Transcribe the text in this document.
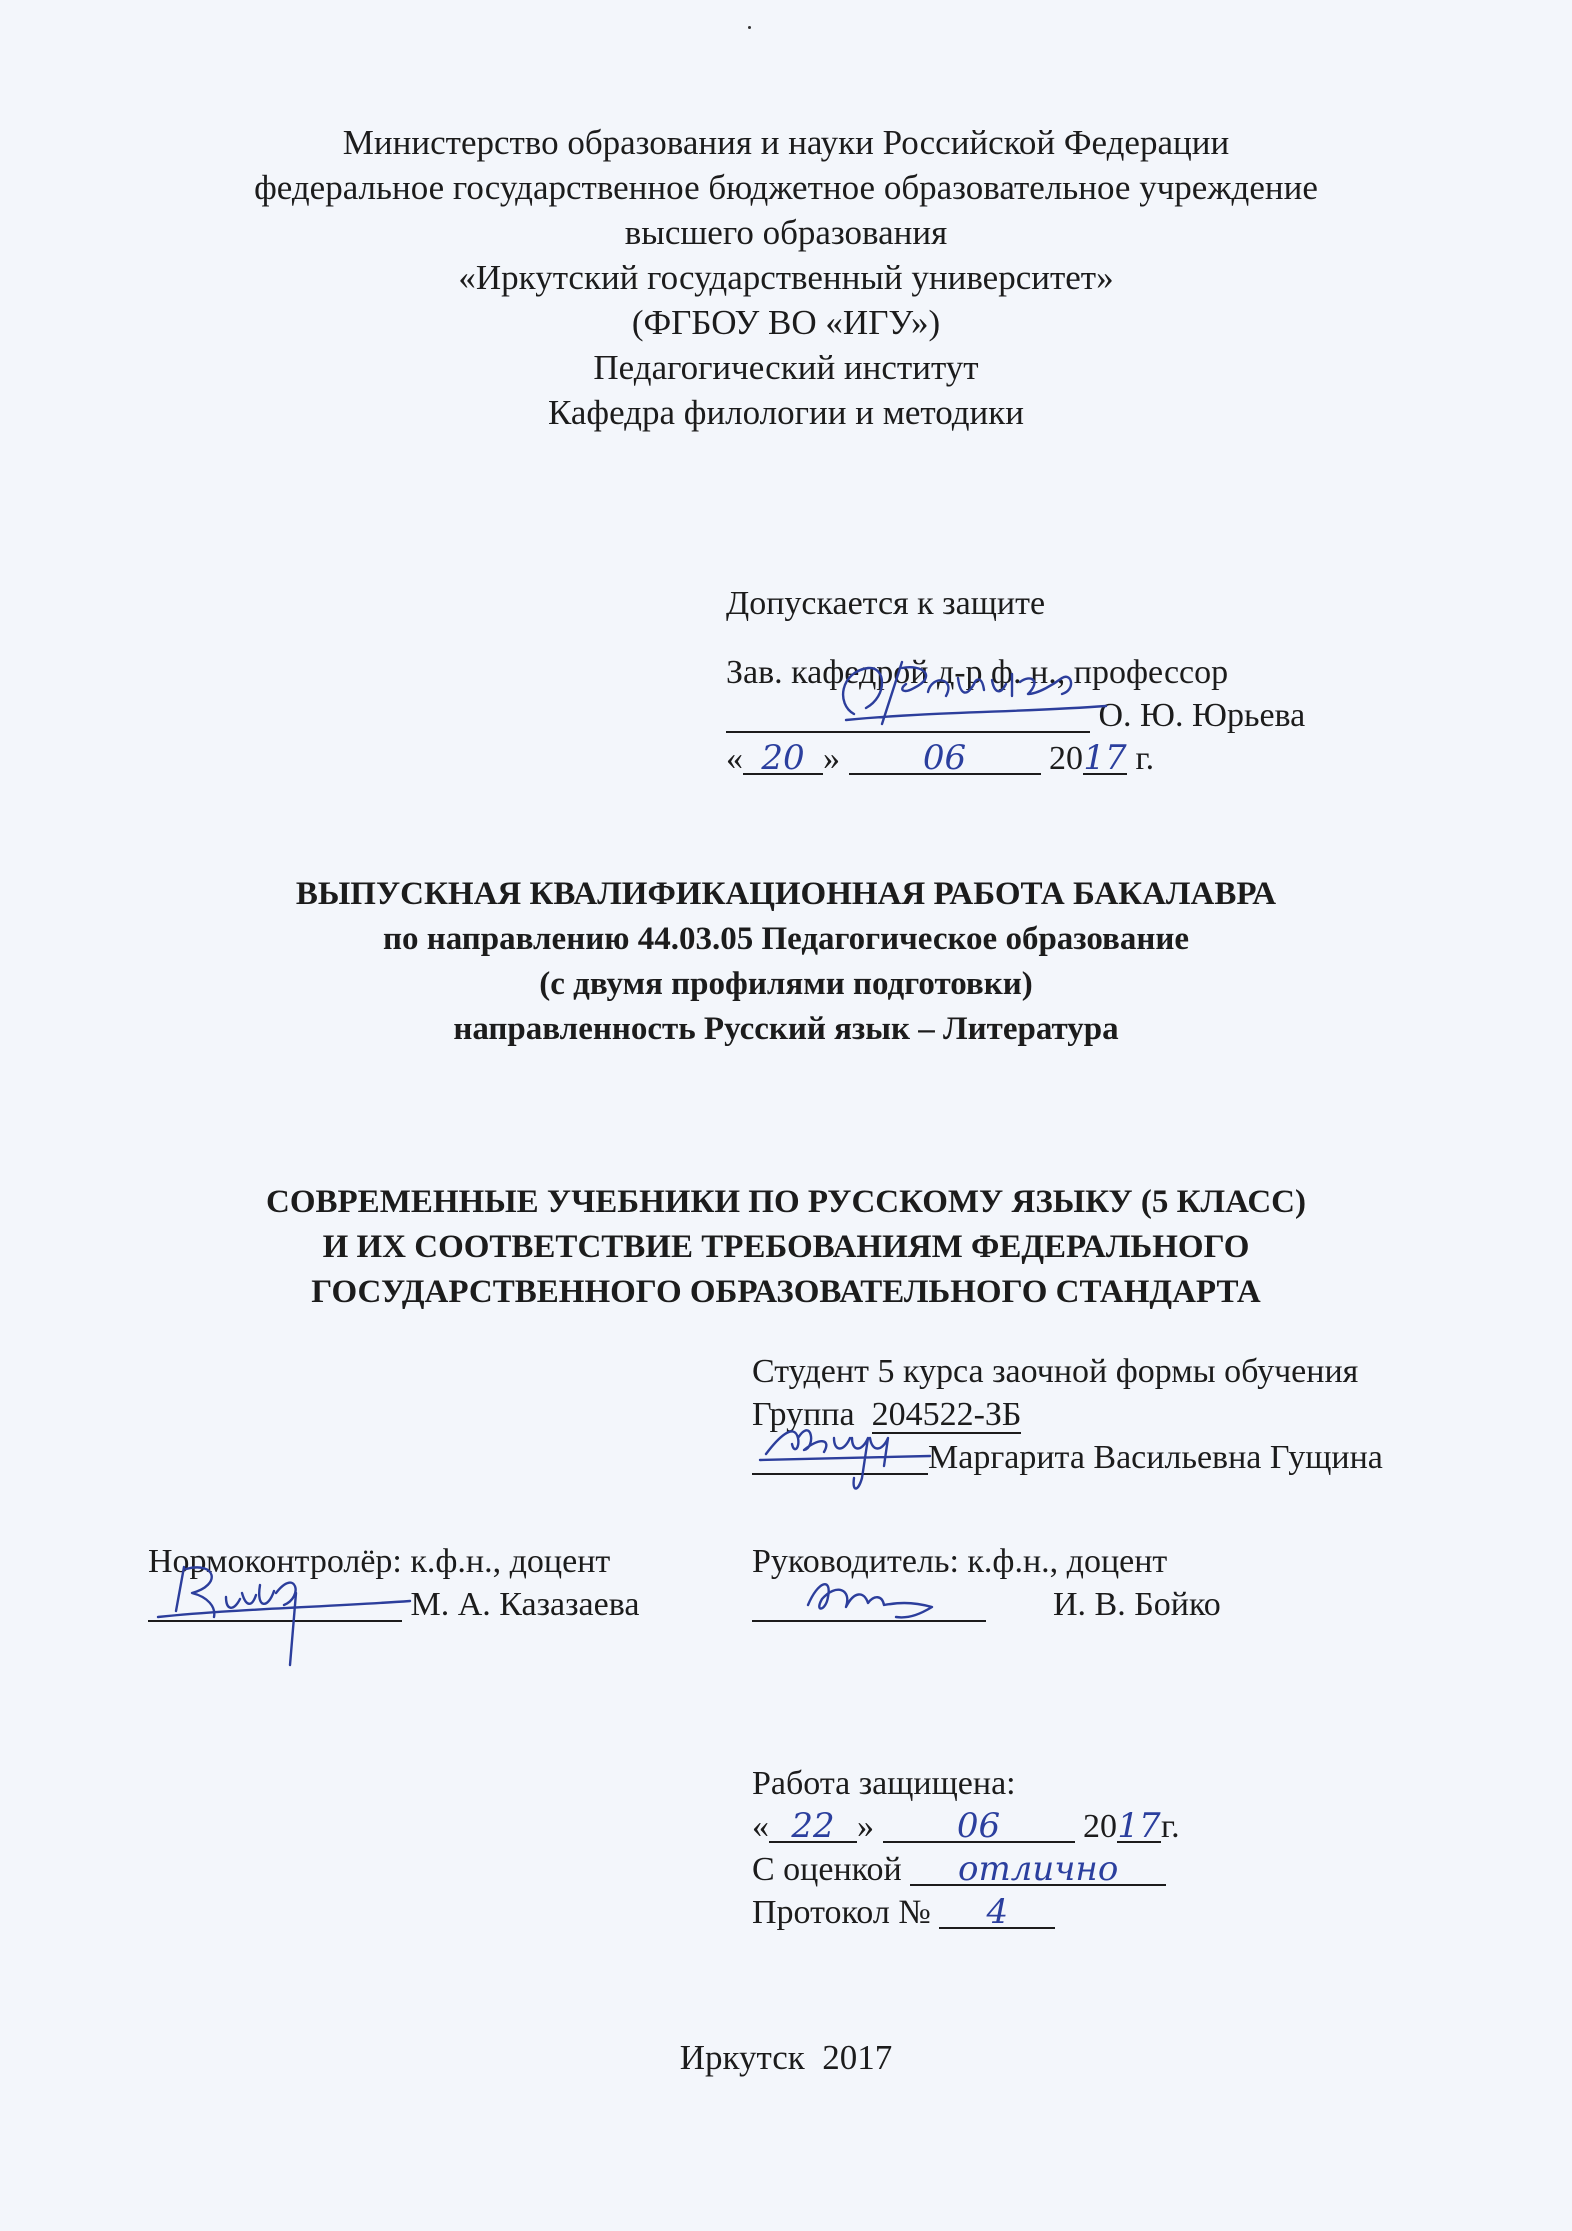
Министерство образования и науки Российской Федерации
федеральное государственное бюджетное образовательное учреждение
высшего образования
«Иркутский государственный университет»
(ФГБОУ ВО «ИГУ»)
Педагогический институт
Кафедра филологии и методики
Допускается к защите
Зав. кафедрой д-р ф. н., профессор
О. Ю. Юрьева
« 20 » 06 2017 г.
ВЫПУСКНАЯ КВАЛИФИКАЦИОННАЯ РАБОТА БАКАЛАВРА
по направлению 44.03.05 Педагогическое образование
(с двумя профилями подготовки)
направленность Русский язык – Литература
СОВРЕМЕННЫЕ УЧЕБНИКИ ПО РУССКОМУ ЯЗЫКУ (5 КЛАСС)
И ИХ СООТВЕТСТВИЕ ТРЕБОВАНИЯМ ФЕДЕРАЛЬНОГО
ГОСУДАРСТВЕННОГО ОБРАЗОВАТЕЛЬНОГО СТАНДАРТА
Студент 5 курса заочной формы обучения
Группа 204522-ЗБ
Маргарита Васильевна Гущина
Нормоконтролёр: к.ф.н., доцент
М. А. Казазаева
Руководитель: к.ф.н., доцент
И. В. Бойко
Работа защищена:
« 22 » 06 2017г.
С оценкой отлично
Протокол № 4
Иркутск  2017
